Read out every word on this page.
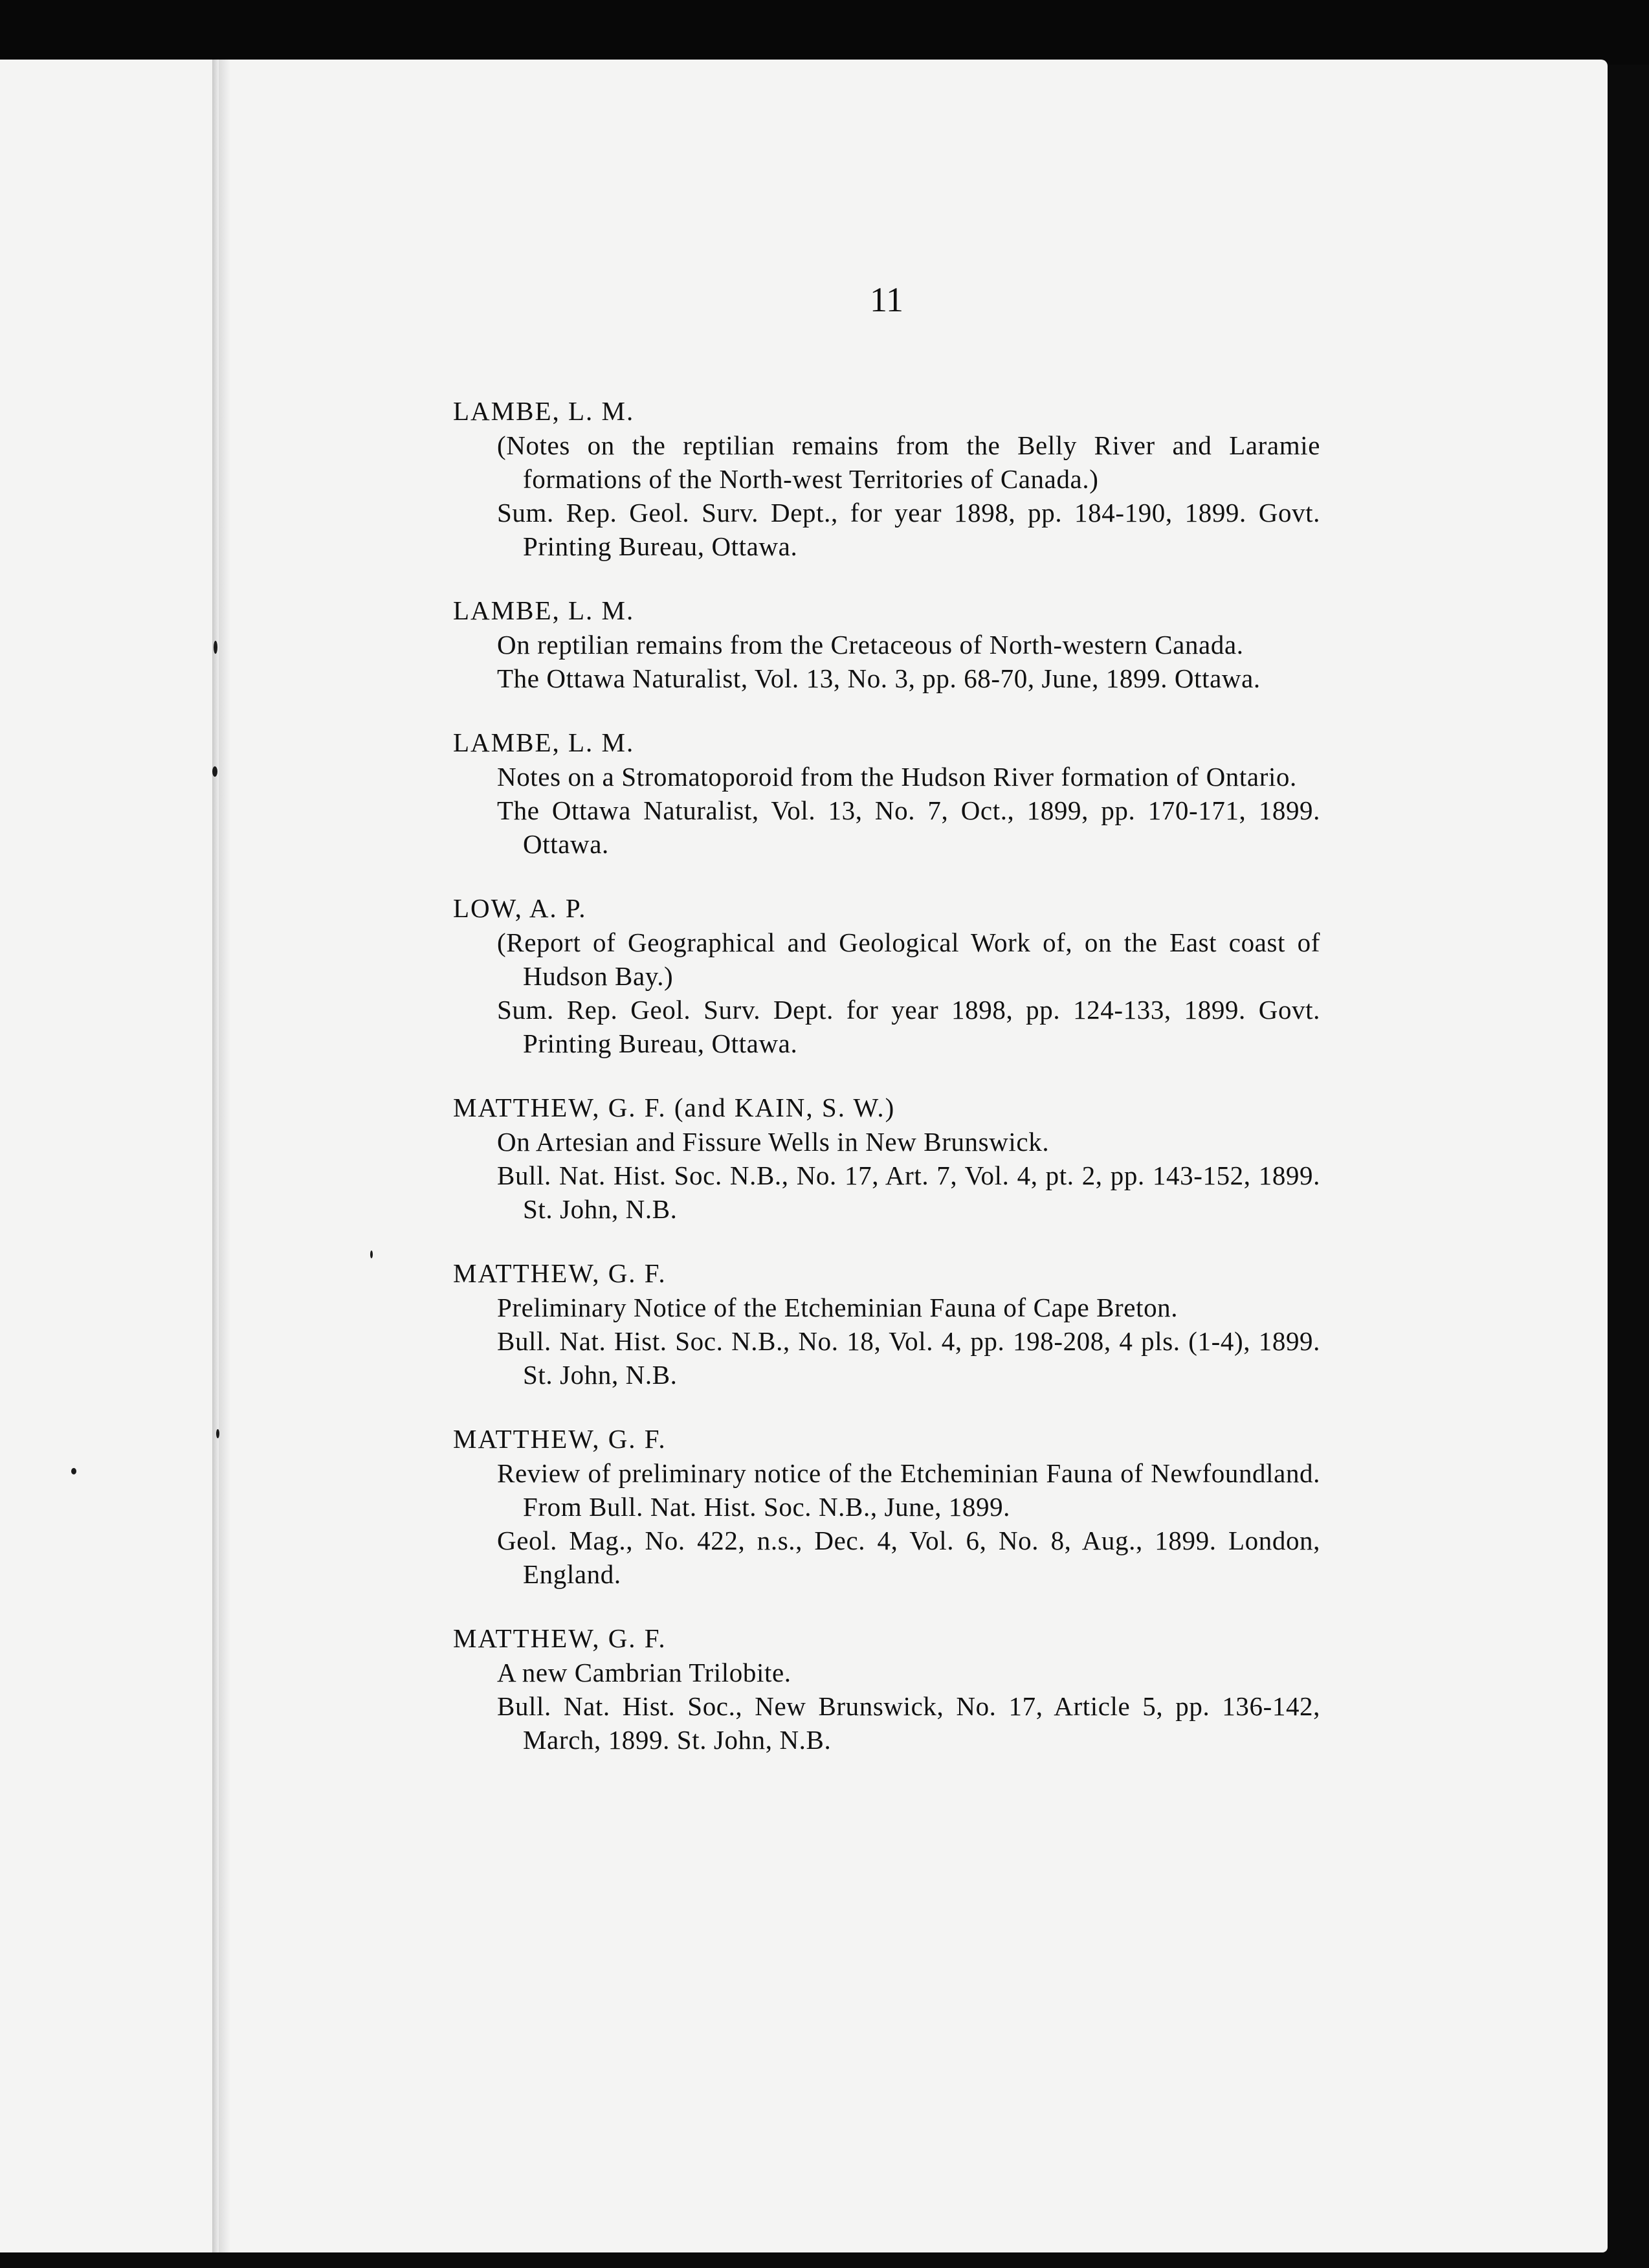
11
LAMBE, L. M.
(Notes on the reptilian remains from the Belly River and Laramie formations of the North-west Territories of Canada.)
Sum. Rep. Geol. Surv. Dept., for year 1898, pp. 184-190, 1899. Govt. Printing Bureau, Ottawa.
LAMBE, L. M.
On reptilian remains from the Cretaceous of North-western Canada.
The Ottawa Naturalist, Vol. 13, No. 3, pp. 68-70, June, 1899. Ottawa.
LAMBE, L. M.
Notes on a Stromatoporoid from the Hudson River formation of Ontario.
The Ottawa Naturalist, Vol. 13, No. 7, Oct., 1899, pp. 170-171, 1899. Ottawa.
LOW, A. P.
(Report of Geographical and Geological Work of, on the East coast of Hudson Bay.)
Sum. Rep. Geol. Surv. Dept. for year 1898, pp. 124-133, 1899. Govt. Printing Bureau, Ottawa.
MATTHEW, G. F. (and KAIN, S. W.)
On Artesian and Fissure Wells in New Brunswick.
Bull. Nat. Hist. Soc. N.B., No. 17, Art. 7, Vol. 4, pt. 2, pp. 143-152, 1899. St. John, N.B.
MATTHEW, G. F.
Preliminary Notice of the Etcheminian Fauna of Cape Breton.
Bull. Nat. Hist. Soc. N.B., No. 18, Vol. 4, pp. 198-208, 4 pls. (1-4), 1899. St. John, N.B.
MATTHEW, G. F.
Review of preliminary notice of the Etcheminian Fauna of Newfoundland. From Bull. Nat. Hist. Soc. N.B., June, 1899.
Geol. Mag., No. 422, n.s., Dec. 4, Vol. 6, No. 8, Aug., 1899. London, England.
MATTHEW, G. F.
A new Cambrian Trilobite.
Bull. Nat. Hist. Soc., New Brunswick, No. 17, Article 5, pp. 136-142, March, 1899. St. John, N.B.
